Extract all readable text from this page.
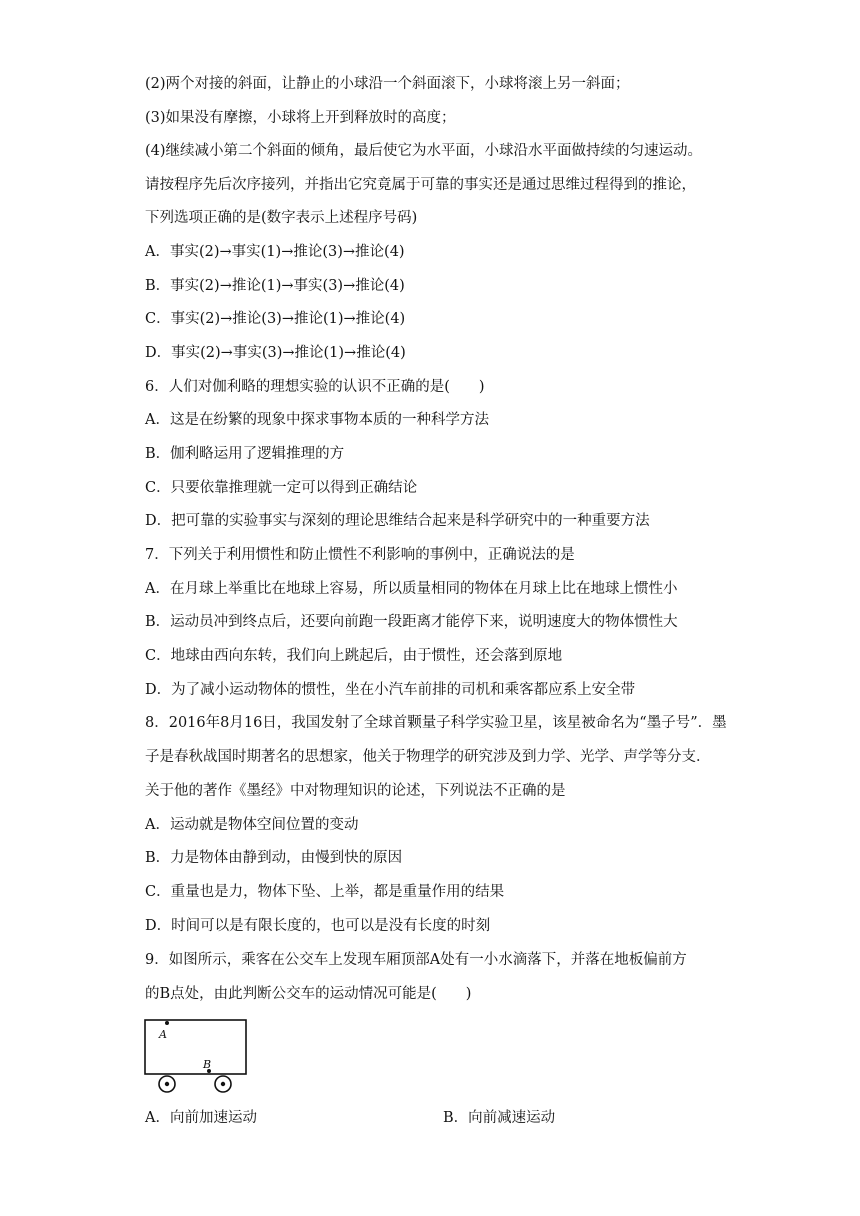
(2)两个对接的斜面，让静止的小球沿一个斜面滚下，小球将滚上另一斜面；
(3)如果没有摩擦，小球将上开到释放时的高度；
(4)继续减小第二个斜面的倾角，最后使它为水平面，小球沿水平面做持续的匀速运动。
请按程序先后次序接列，并指出它究竟属于可靠的事实还是通过思维过程得到的推论，
下列选项正确的是(数字表示上述程序号码)
A．事实(2)→事实(1)→推论(3)→推论(4)
B．事实(2)→推论(1)→事实(3)→推论(4)
C．事实(2)→推论(3)→推论(1)→推论(4)
D．事实(2)→事实(3)→推论(1)→推论(4)
6．人们对伽利略的理想实验的认识不正确的是(　　)
A．这是在纷繁的现象中探求事物本质的一种科学方法
B．伽利略运用了逻辑推理的方
C．只要依靠推理就一定可以得到正确结论
D．把可靠的实验事实与深刻的理论思维结合起来是科学研究中的一种重要方法
7．下列关于利用惯性和防止惯性不利影响的事例中，正确说法的是
A．在月球上举重比在地球上容易，所以质量相同的物体在月球上比在地球上惯性小
B．运动员冲到终点后，还要向前跑一段距离才能停下来，说明速度大的物体惯性大
C．地球由西向东转，我们向上跳起后，由于惯性，还会落到原地
D．为了减小运动物体的惯性，坐在小汽车前排的司机和乘客都应系上安全带
8．2016年8月16日，我国发射了全球首颗量子科学实验卫星，该星被命名为“墨子号”．墨
子是春秋战国时期著名的思想家，他关于物理学的研究涉及到力学、光学、声学等分支．
关于他的著作《墨经》中对物理知识的论述，下列说法不正确的是
A．运动就是物体空间位置的变动
B．力是物体由静到动，由慢到快的原因
C．重量也是力，物体下坠、上举，都是重量作用的结果
D．时间可以是有限长度的，也可以是没有长度的时刻
9．如图所示，乘客在公交车上发现车厢顶部A处有一小水滴落下，并落在地板偏前方
的B点处，由此判断公交车的运动情况可能是(　　)
A
B
A．向前加速运动	B．向前减速运动
